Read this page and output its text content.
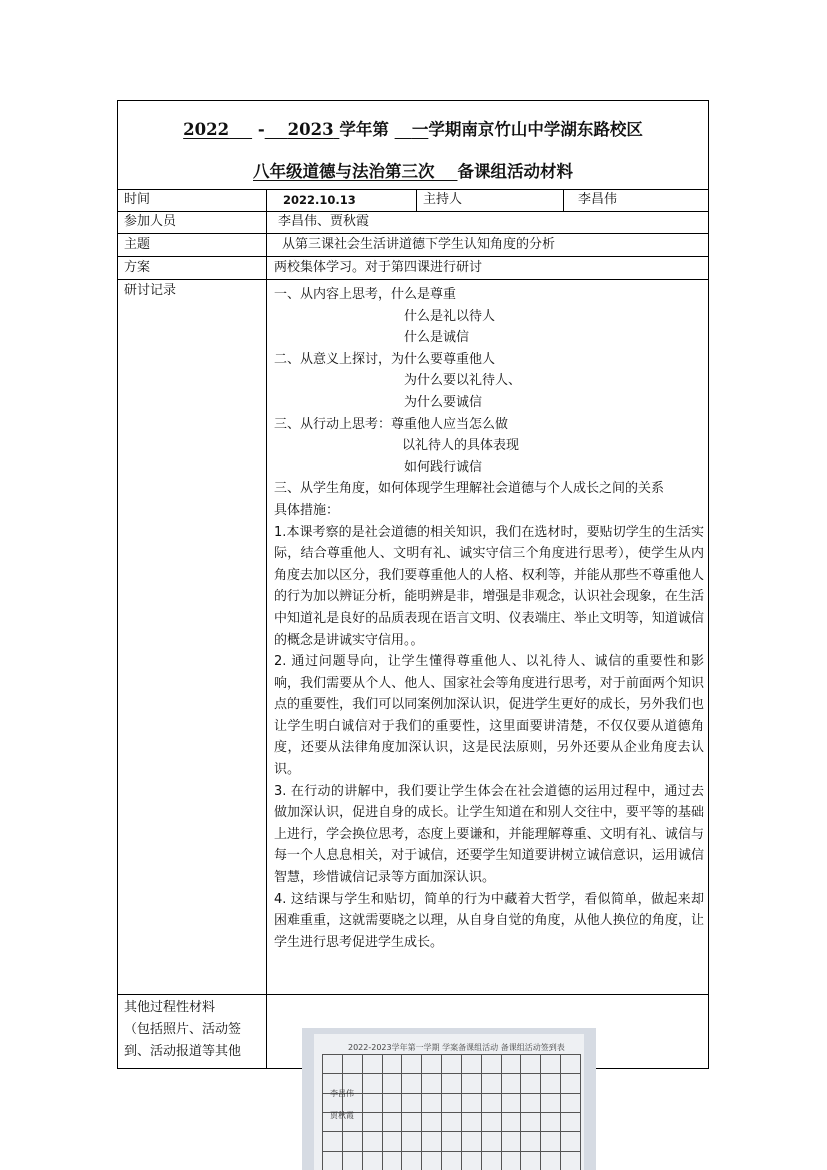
2022 - 2023 学年第 一学期南京竹山中学湖东路校区
八年级道德与法治第三次 备课组活动材料
时间	2022.10.13	主持人	李昌伟
参加人员	李昌伟、贾秋霞
主题	从第三课社会生活讲道德下学生认知角度的分析
方案	两校集体学习。对于第四课进行研讨
研讨记录	一、从内容上思考，什么是尊重
什么是礼以待人
什么是诚信
二、从意义上探讨，为什么要尊重他人
为什么要以礼待人、
为什么要诚信
三、从行动上思考：尊重他人应当怎么做
以礼待人的具体表现
如何践行诚信
三、从学生角度，如何体现学生理解社会道德与个人成长之间的关系
具体措施：
1.本课考察的是社会道德的相关知识，我们在选材时，要贴切学生的生活实际，结合尊重他人、文明有礼、诚实守信三个角度进行思考），使学生从内角度去加以区分，我们要尊重他人的人格、权利等，并能从那些不尊重他人的行为加以辨证分析，能明辨是非，增强是非观念，认识社会现象，在生活中知道礼是良好的品质表现在语言文明、仪表端庄、举止文明等，知道诚信的概念是讲诚实守信用。。
2. 通过问题导向，让学生懂得尊重他人、以礼待人、诚信的重要性和影响，我们需要从个人、他人、国家社会等角度进行思考，对于前面两个知识点的重要性，我们可以同案例加深认识，促进学生更好的成长，另外我们也让学生明白诚信对于我们的重要性，这里面要讲清楚，不仅仅要从道德角度，还要从法律角度加深认识，这是民法原则，另外还要从企业角度去认识。
3. 在行动的讲解中，我们要让学生体会在社会道德的运用过程中，通过去做加深认识，促进自身的成长。让学生知道在和别人交往中，要平等的基础上进行，学会换位思考，态度上要谦和，并能理解尊重、文明有礼、诚信与每一个人息息相关，对于诚信，还要学生知道要讲树立诚信意识，运用诚信智慧，珍惜诚信记录等方面加深认识。
4. 这结课与学生和贴切，简单的行为中藏着大哲学，看似简单，做起来却困难重重，这就需要晓之以理，从自身自觉的角度，从他人换位的角度，让学生进行思考促进学生成长。
其他过程性材料
（包括照片、活动签
到、活动报道等其他	2022-2023学年第一学期 学案备课组活动 备课组活动签到表
李昌伟
贾秋霞
